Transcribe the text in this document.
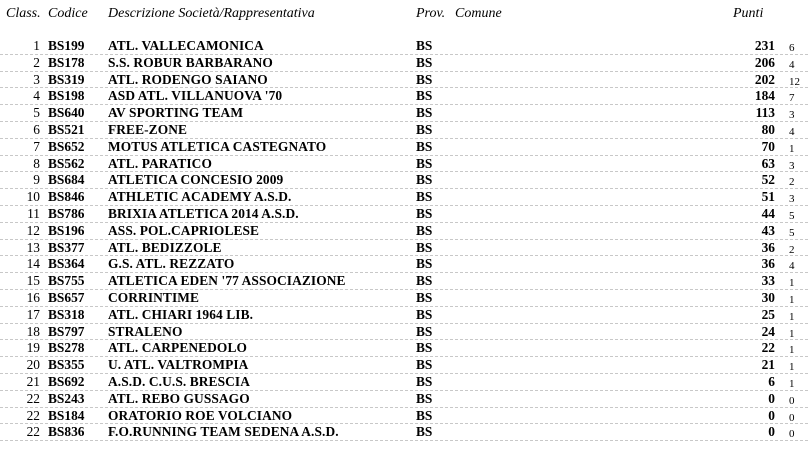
Class. Codice Descrizione Società/Rappresentativa	Prov. Comune	Punti
1 BS199 ATL. VALLECAMONICA	BS	231 6
2 BS178 S.S. ROBUR BARBARANO	BS	206 4
3 BS319 ATL. RODENGO SAIANO	BS	202 12
4 BS198 ASD ATL. VILLANUOVA '70	BS	184 7
5 BS640 AV SPORTING TEAM	BS	113 3
6 BS521 FREE-ZONE	BS	80 4
7 BS652 MOTUS ATLETICA CASTEGNATO	BS	70 1
8 BS562 ATL. PARATICO	BS	63 3
9 BS684 ATLETICA CONCESIO 2009	BS	52 2
10 BS846 ATHLETIC ACADEMY A.S.D.	BS	51 3
11 BS786 BRIXIA ATLETICA 2014 A.S.D.	BS	44 5
12 BS196 ASS. POL.CAPRIOLESE	BS	43 5
13 BS377 ATL. BEDIZZOLE	BS	36 2
14 BS364 G.S. ATL. REZZATO	BS	36 4
15 BS755 ATLETICA EDEN '77 ASSOCIAZIONE	BS	33 1
16 BS657 CORRINTIME	BS	30 1
17 BS318 ATL. CHIARI 1964 LIB.	BS	25 1
18 BS797 STRALENO	BS	24 1
19 BS278 ATL. CARPENEDOLO	BS	22 1
20 BS355 U. ATL. VALTROMPIA	BS	21 1
21 BS692 A.S.D. C.U.S. BRESCIA	BS	6 1
22 BS243 ATL. REBO GUSSAGO	BS	0 0
22 BS184 ORATORIO ROE VOLCIANO	BS	0 0
22 BS836 F.O.RUNNING TEAM SEDENA A.S.D.	BS	0 0
